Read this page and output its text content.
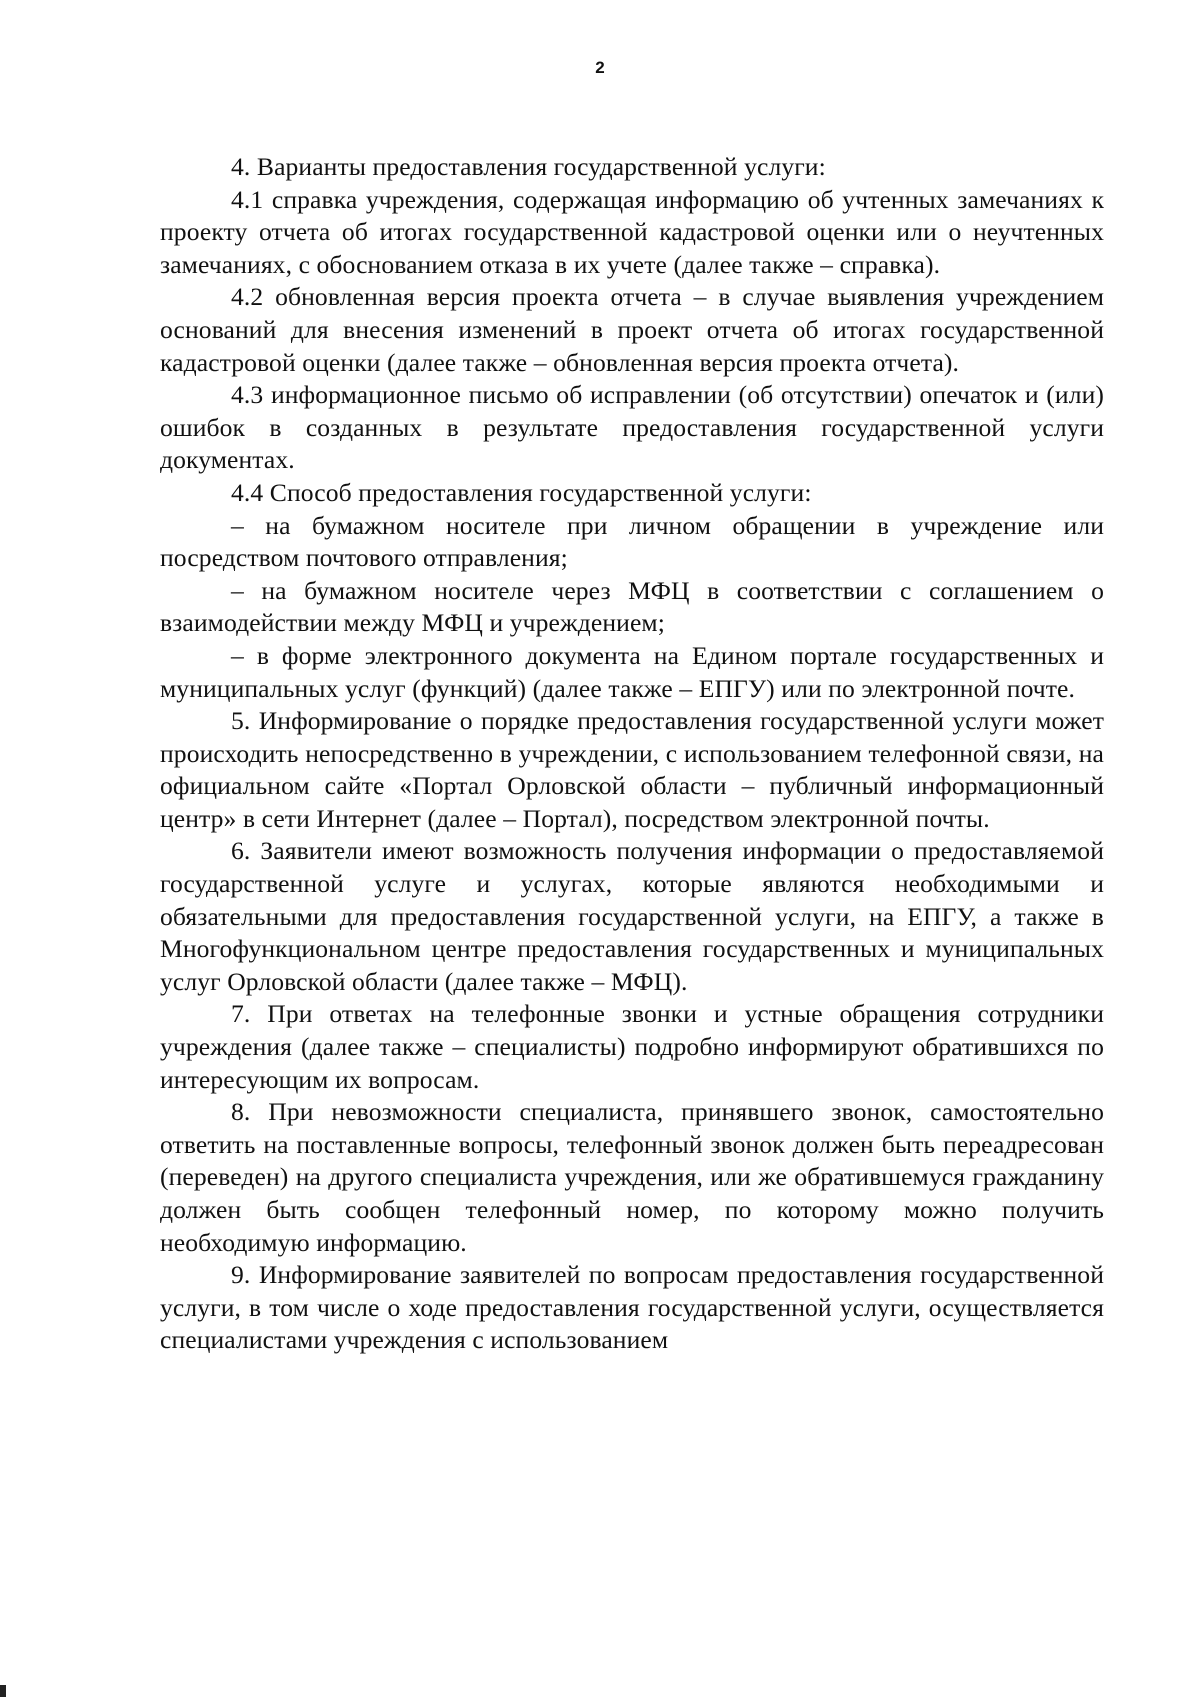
2

4. Варианты предоставления государственной услуги:

4.1 справка учреждения, содержащая информацию об учтенных замечаниях к проекту отчета об итогах государственной кадастровой оценки или о неучтенных замечаниях, с обоснованием отказа в их учете (далее также – справка).

4.2 обновленная версия проекта отчета – в случае выявления учреждением оснований для внесения изменений в проект отчета об итогах государственной кадастровой оценки (далее также – обновленная версия проекта отчета).

4.3 информационное письмо об исправлении (об отсутствии) опечаток и (или) ошибок в созданных в результате предоставления государственной услуги документах.

4.4 Способ предоставления государственной услуги:

– на бумажном носителе при личном обращении в учреждение или посредством почтового отправления;

– на бумажном носителе через МФЦ в соответствии с соглашением о взаимодействии между МФЦ и учреждением;

– в форме электронного документа на Едином портале государственных и муниципальных услуг (функций) (далее также – ЕПГУ) или по электронной почте.

5. Информирование о порядке предоставления государственной услуги может происходить непосредственно в учреждении, с использованием телефонной связи, на официальном сайте «Портал Орловской области – публичный информационный центр» в сети Интернет (далее – Портал), посредством электронной почты.

6. Заявители имеют возможность получения информации о предоставляемой государственной услуге и услугах, которые являются необходимыми и обязательными для предоставления государственной услуги, на ЕПГУ, а также в Многофункциональном центре предоставления государственных и муниципальных услуг Орловской области (далее также – МФЦ).

7. При ответах на телефонные звонки и устные обращения сотрудники учреждения (далее также – специалисты) подробно информируют обратившихся по интересующим их вопросам.

8. При невозможности специалиста, принявшего звонок, самостоятельно ответить на поставленные вопросы, телефонный звонок должен быть переадресован (переведен) на другого специалиста учреждения, или же обратившемуся гражданину должен быть сообщен телефонный номер, по которому можно получить необходимую информацию.

9. Информирование заявителей по вопросам предоставления государственной услуги, в том числе о ходе предоставления государственной услуги, осуществляется специалистами учреждения с использованием
